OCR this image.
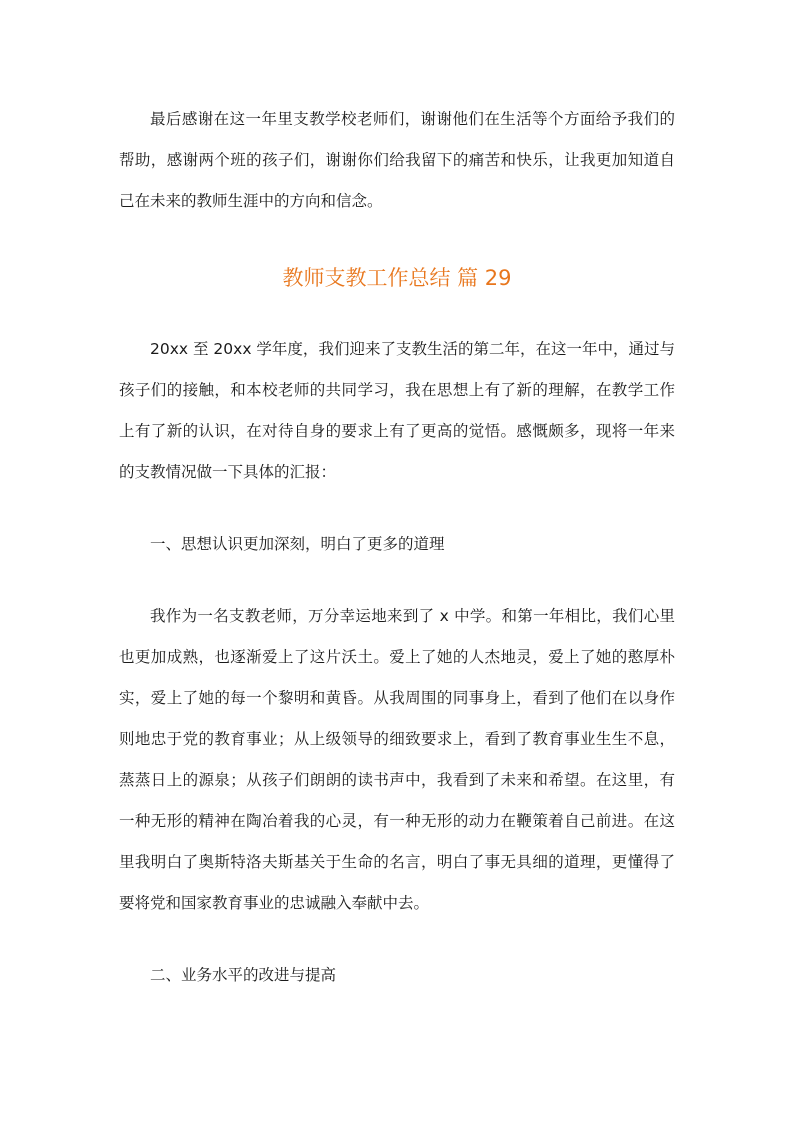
最后感谢在这一年里支教学校老师们，谢谢他们在生活等个方面给予我们的帮助，感谢两个班的孩子们，谢谢你们给我留下的痛苦和快乐，让我更加知道自己在未来的教师生涯中的方向和信念。

教师支教工作总结 篇 29

20xx 至 20xx 学年度，我们迎来了支教生活的第二年，在这一年中，通过与孩子们的接触，和本校老师的共同学习，我在思想上有了新的理解，在教学工作上有了新的认识，在对待自身的要求上有了更高的觉悟。感慨颇多，现将一年来的支教情况做一下具体的汇报：

一、思想认识更加深刻，明白了更多的道理

我作为一名支教老师，万分幸运地来到了 x 中学。和第一年相比，我们心里也更加成熟，也逐渐爱上了这片沃土。爱上了她的人杰地灵，爱上了她的憨厚朴实，爱上了她的每一个黎明和黄昏。从我周围的同事身上，看到了他们在以身作则地忠于党的教育事业；从上级领导的细致要求上，看到了教育事业生生不息，蒸蒸日上的源泉；从孩子们朗朗的读书声中，我看到了未来和希望。在这里，有一种无形的精神在陶冶着我的心灵，有一种无形的动力在鞭策着自己前进。在这里我明白了奥斯特洛夫斯基关于生命的名言，明白了事无具细的道理，更懂得了要将党和国家教育事业的忠诚融入奉献中去。

二、业务水平的改进与提高
